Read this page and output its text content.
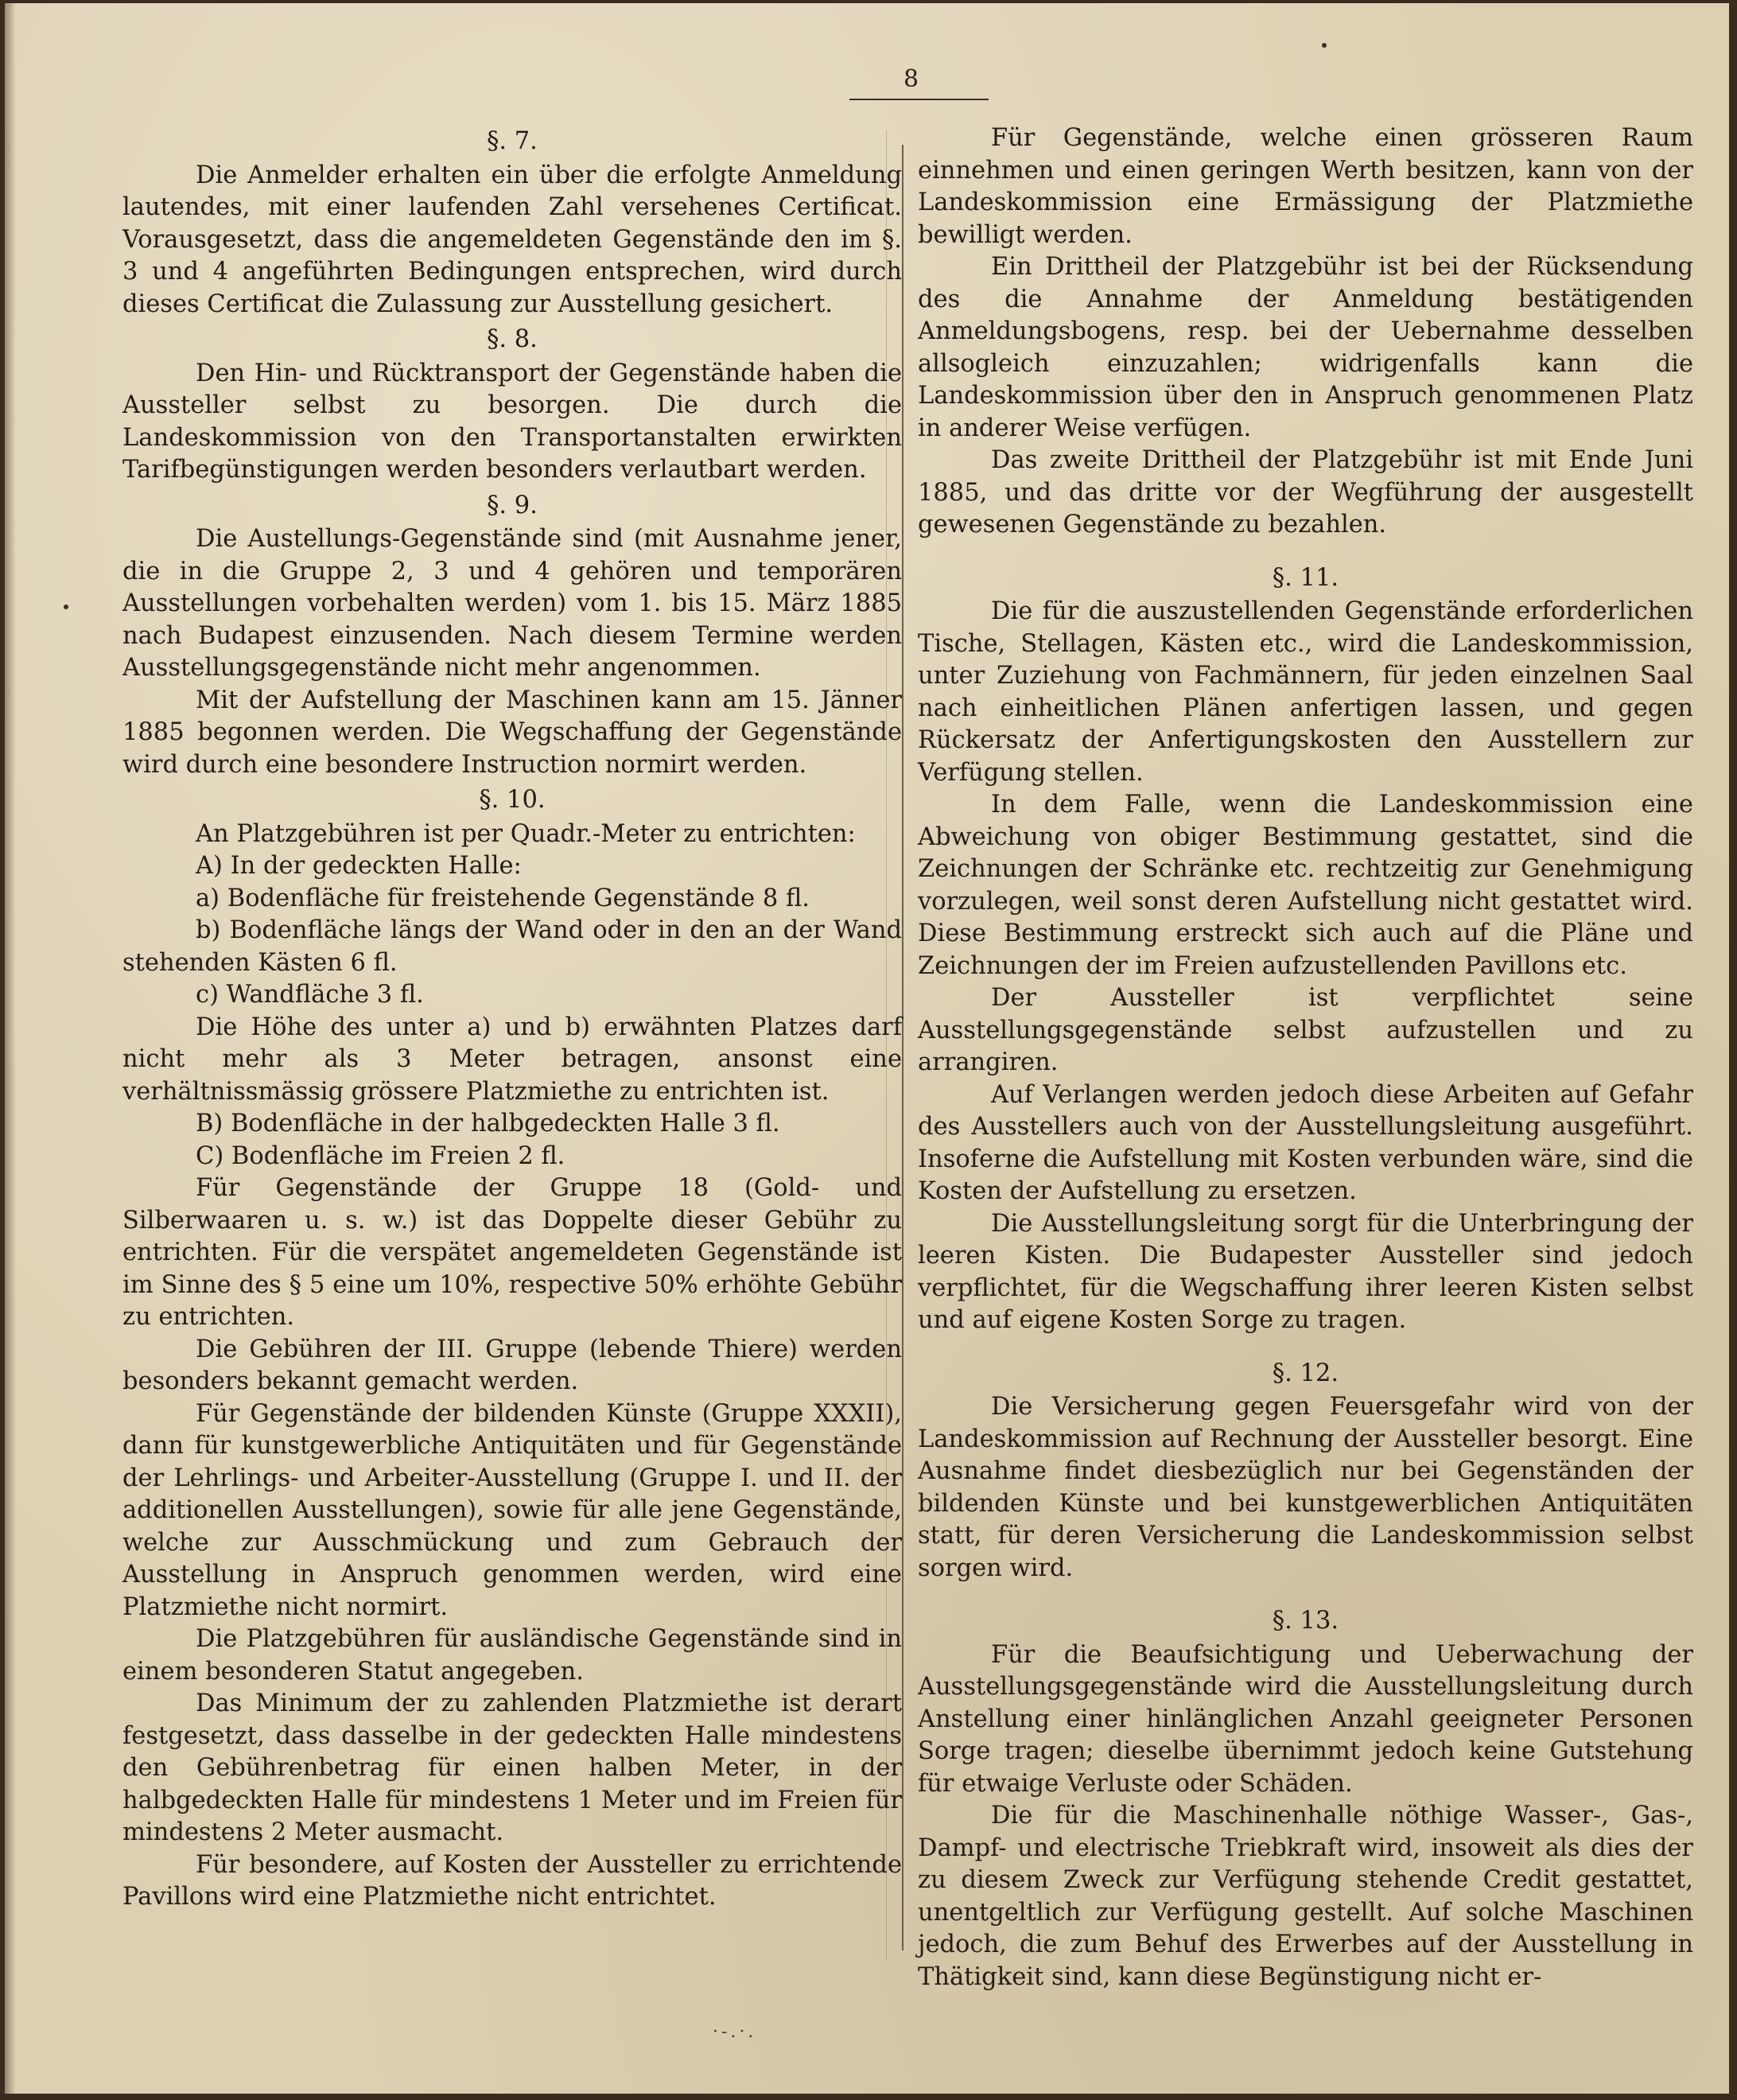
8
§. 7.

Die Anmelder erhalten ein über die erfolgte Anmeldung lautendes, mit einer laufenden Zahl versehenes Certificat. Vorausgesetzt, dass die angemeldeten Gegenstände den im §. 3 und 4 angeführten Bedingungen entsprechen, wird durch dieses Certificat die Zulassung zur Ausstellung gesichert.

§. 8.

Den Hin- und Rücktransport der Gegenstände haben die Aussteller selbst zu besorgen. Die durch die Landeskommission von den Transportanstalten erwirkten Tarifbegünstigungen werden besonders verlautbart werden.

§. 9.

Die Austellungs-Gegenstände sind (mit Ausnahme jener, die in die Gruppe 2, 3 und 4 gehören und temporären Ausstellungen vorbehalten werden) vom 1. bis 15. März 1885 nach Budapest einzusenden. Nach diesem Termine werden Ausstellungsgegenstände nicht mehr angenommen.

Mit der Aufstellung der Maschinen kann am 15. Jänner 1885 begonnen werden. Die Wegschaffung der Gegenstände wird durch eine besondere Instruction normirt werden.

§. 10.

An Platzgebühren ist per Quadr.-Meter zu entrichten:

A) In der gedeckten Halle:

a) Bodenfläche für freistehende Gegenstände 8 fl.

b) Bodenfläche längs der Wand oder in den an der Wand stehenden Kästen 6 fl.

c) Wandfläche 3 fl.

Die Höhe des unter a) und b) erwähnten Platzes darf nicht mehr als 3 Meter betragen, ansonst eine verhältnissmässig grössere Platzmiethe zu entrichten ist.

B) Bodenfläche in der halbgedeckten Halle 3 fl.

C) Bodenfläche im Freien 2 fl.

Für Gegenstände der Gruppe 18 (Gold- und Silberwaaren u. s. w.) ist das Doppelte dieser Gebühr zu entrichten. Für die verspätet angemeldeten Gegenstände ist im Sinne des § 5 eine um 10%, respective 50% erhöhte Gebühr zu entrichten.

Die Gebühren der III. Gruppe (lebende Thiere) werden besonders bekannt gemacht werden.

Für Gegenstände der bildenden Künste (Gruppe XXXII), dann für kunstgewerbliche Antiquitäten und für Gegenstände der Lehrlings- und Arbeiter-Ausstellung (Gruppe I. und II. der additionellen Ausstellungen), sowie für alle jene Gegenstände, welche zur Ausschmückung und zum Gebrauch der Ausstellung in Anspruch genommen werden, wird eine Platzmiethe nicht normirt.

Die Platzgebühren für ausländische Gegenstände sind in einem besonderen Statut angegeben.

Das Minimum der zu zahlenden Platzmiethe ist derart festgesetzt, dass dasselbe in der gedeckten Halle mindestens den Gebührenbetrag für einen halben Meter, in der halbgedeckten Halle für mindestens 1 Meter und im Freien für mindestens 2 Meter ausmacht.

Für besondere, auf Kosten der Aussteller zu errichtende Pavillons wird eine Platzmiethe nicht entrichtet.

Für Gegenstände, welche einen grösseren Raum einnehmen und einen geringen Werth besitzen, kann von der Landeskommission eine Ermässigung der Platzmiethe bewilligt werden.

Ein Drittheil der Platzgebühr ist bei der Rücksendung des die Annahme der Anmeldung bestätigenden Anmeldungsbogens, resp. bei der Uebernahme desselben allsogleich einzuzahlen; widrigenfalls kann die Landeskommission über den in Anspruch genommenen Platz in anderer Weise verfügen.

Das zweite Drittheil der Platzgebühr ist mit Ende Juni 1885, und das dritte vor der Wegführung der ausgestellt gewesenen Gegenstände zu bezahlen.

§. 11.

Die für die auszustellenden Gegenstände erforderlichen Tische, Stellagen, Kästen etc., wird die Landeskommission, unter Zuziehung von Fachmännern, für jeden einzelnen Saal nach einheitlichen Plänen anfertigen lassen, und gegen Rückersatz der Anfertigungskosten den Ausstellern zur Verfügung stellen.

In dem Falle, wenn die Landeskommission eine Abweichung von obiger Bestimmung gestattet, sind die Zeichnungen der Schränke etc. rechtzeitig zur Genehmigung vorzulegen, weil sonst deren Aufstellung nicht gestattet wird. Diese Bestimmung erstreckt sich auch auf die Pläne und Zeichnungen der im Freien aufzustellenden Pavillons etc.

Der Aussteller ist verpflichtet seine Ausstellungsgegenstände selbst aufzustellen und zu arrangiren.

Auf Verlangen werden jedoch diese Arbeiten auf Gefahr des Ausstellers auch von der Ausstellungsleitung ausgeführt. Insoferne die Aufstellung mit Kosten verbunden wäre, sind die Kosten der Aufstellung zu ersetzen.

Die Ausstellungsleitung sorgt für die Unterbringung der leeren Kisten. Die Budapester Aussteller sind jedoch verpflichtet, für die Wegschaffung ihrer leeren Kisten selbst und auf eigene Kosten Sorge zu tragen.

§. 12.

Die Versicherung gegen Feuersgefahr wird von der Landeskommission auf Rechnung der Aussteller besorgt. Eine Ausnahme findet diesbezüglich nur bei Gegenständen der bildenden Künste und bei kunstgewerblichen Antiquitäten statt, für deren Versicherung die Landeskommission selbst sorgen wird.

§. 13.

Für die Beaufsichtigung und Ueberwachung der Ausstellungsgegenstände wird die Ausstellungsleitung durch Anstellung einer hinlänglichen Anzahl geeigneter Personen Sorge tragen; dieselbe übernimmt jedoch keine Gutstehung für etwaige Verluste oder Schäden.

Die für die Maschinenhalle nöthige Wasser-, Gas-, Dampf- und electrische Triebkraft wird, insoweit als dies der zu diesem Zweck zur Verfügung stehende Credit gestattet, unentgeltlich zur Verfügung gestellt. Auf solche Maschinen jedoch, die zum Behuf des Erwerbes auf der Ausstellung in Thätigkeit sind, kann diese Begünstigung nicht er-

·-.·.
